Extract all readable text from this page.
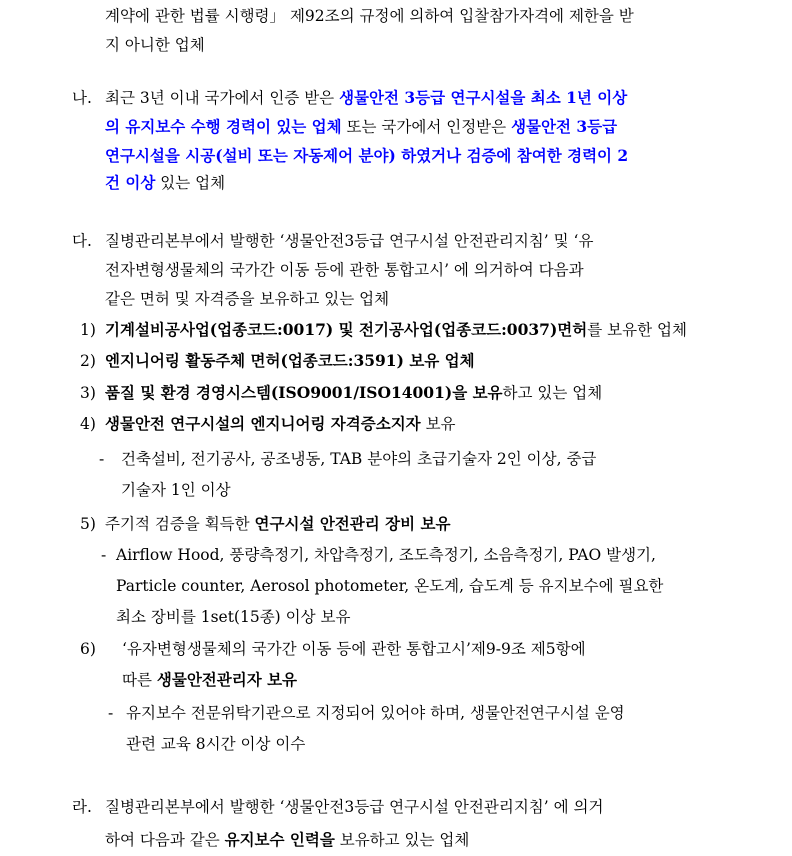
계약에 관한 법률 시행령」 제92조의 규정에 의하여 입찰참가자격에 제한을 받
지 아니한 업체
나. 최근 3년 이내 국가에서 인증 받은 생물안전 3등급 연구시설을 최소 1년 이상
의 유지보수 수행 경력이 있는 업체 또는 국가에서 인정받은 생물안전 3등급
연구시설을 시공(설비 또는 자동제어 분야) 하였거나 검증에 참여한 경력이 2
건 이상 있는 업체
다. 질병관리본부에서 발행한 ‘생물안전3등급 연구시설 안전관리지침’ 및 ‘유
전자변형생물체의 국가간 이동 등에 관한 통합고시’ 에 의거하여 다음과
같은 면허 및 자격증을 보유하고 있는 업체
1) 기계설비공사업(업종코드:0017) 및 전기공사업(업종코드:0037)면허를 보유한 업체
2) 엔지니어링 활동주체 면허(업종코드:3591) 보유 업체
3) 품질 및 환경 경영시스템(ISO9001/ISO14001)을 보유하고 있는 업체
4) 생물안전 연구시설의 엔지니어링 자격증소지자 보유
- 건축설비, 전기공사, 공조냉동, TAB 분야의 초급기술자 2인 이상, 중급
기술자 1인 이상
5) 주기적 검증을 획득한 연구시설 안전관리 장비 보유
- Airflow Hood, 풍량측정기, 차압측정기, 조도측정기, 소음측정기, PAO 발생기,
Particle counter, Aerosol photometer, 온도계, 습도계 등 유지보수에 필요한
최소 장비를 1set(15종) 이상 보유
6) ‘유자변형생물체의 국가간 이동 등에 관한 통합고시’제9-9조 제5항에
따른 생물안전관리자 보유
- 유지보수 전문위탁기관으로 지정되어 있어야 하며, 생물안전연구시설 운영
관련 교육 8시간 이상 이수
라. 질병관리본부에서 발행한 ‘생물안전3등급 연구시설 안전관리지침’ 에 의거
하여 다음과 같은 유지보수 인력을 보유하고 있는 업체
